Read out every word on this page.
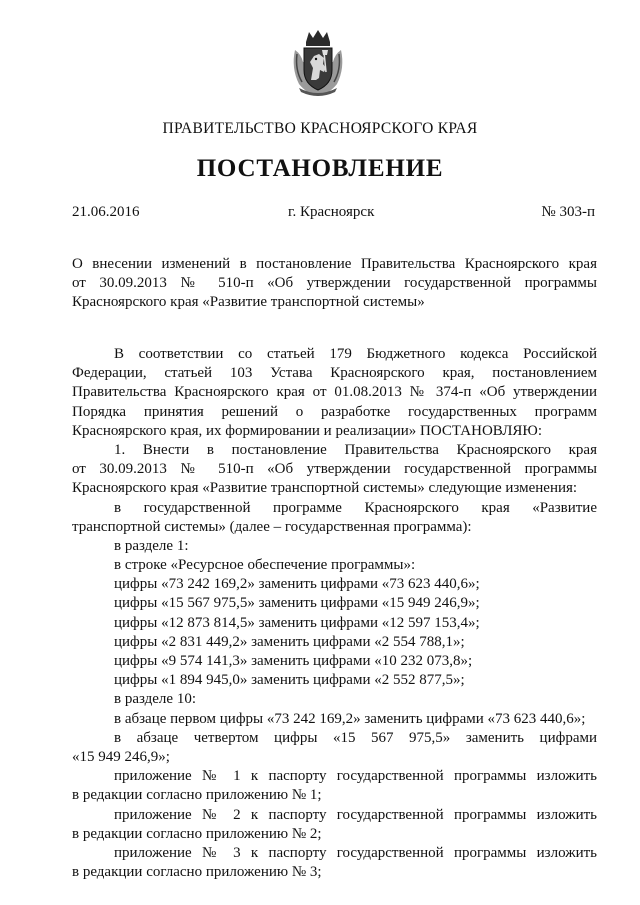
ПРАВИТЕЛЬСТВО КРАСНОЯРСКОГО КРАЯ
ПОСТАНОВЛЕНИЕ
21.06.2016	г. Красноярск	№ 303-п
О внесении изменений в постановление Правительства Красноярского края
от 30.09.2013 № 510-п «Об утверждении государственной программы
Красноярского края «Развитие транспортной системы»
В соответствии со статьей 179 Бюджетного кодекса Российской
Федерации, статьей 103 Устава Красноярского края, постановлением
Правительства Красноярского края от 01.08.2013 № 374-п «Об утверждении
Порядка принятия решений о разработке государственных программ
Красноярского края, их формировании и реализации» ПОСТАНОВЛЯЮ:
1. Внести в постановление Правительства Красноярского края
от 30.09.2013 № 510-п «Об утверждении государственной программы
Красноярского края «Развитие транспортной системы» следующие изменения:
в государственной программе Красноярского края «Развитие
транспортной системы» (далее – государственная программа):
в разделе 1:
в строке «Ресурсное обеспечение программы»:
цифры «73 242 169,2» заменить цифрами «73 623 440,6»;
цифры «15 567 975,5» заменить цифрами «15 949 246,9»;
цифры «12 873 814,5» заменить цифрами «12 597 153,4»;
цифры «2 831 449,2» заменить цифрами «2 554 788,1»;
цифры «9 574 141,3» заменить цифрами «10 232 073,8»;
цифры «1 894 945,0» заменить цифрами «2 552 877,5»;
в разделе 10:
в абзаце первом цифры «73 242 169,2» заменить цифрами «73 623 440,6»;
в абзаце четвертом цифры «15 567 975,5» заменить цифрами
«15 949 246,9»;
приложение № 1 к паспорту государственной программы изложить
в редакции согласно приложению № 1;
приложение № 2 к паспорту государственной программы изложить
в редакции согласно приложению № 2;
приложение № 3 к паспорту государственной программы изложить
в редакции согласно приложению № 3;
